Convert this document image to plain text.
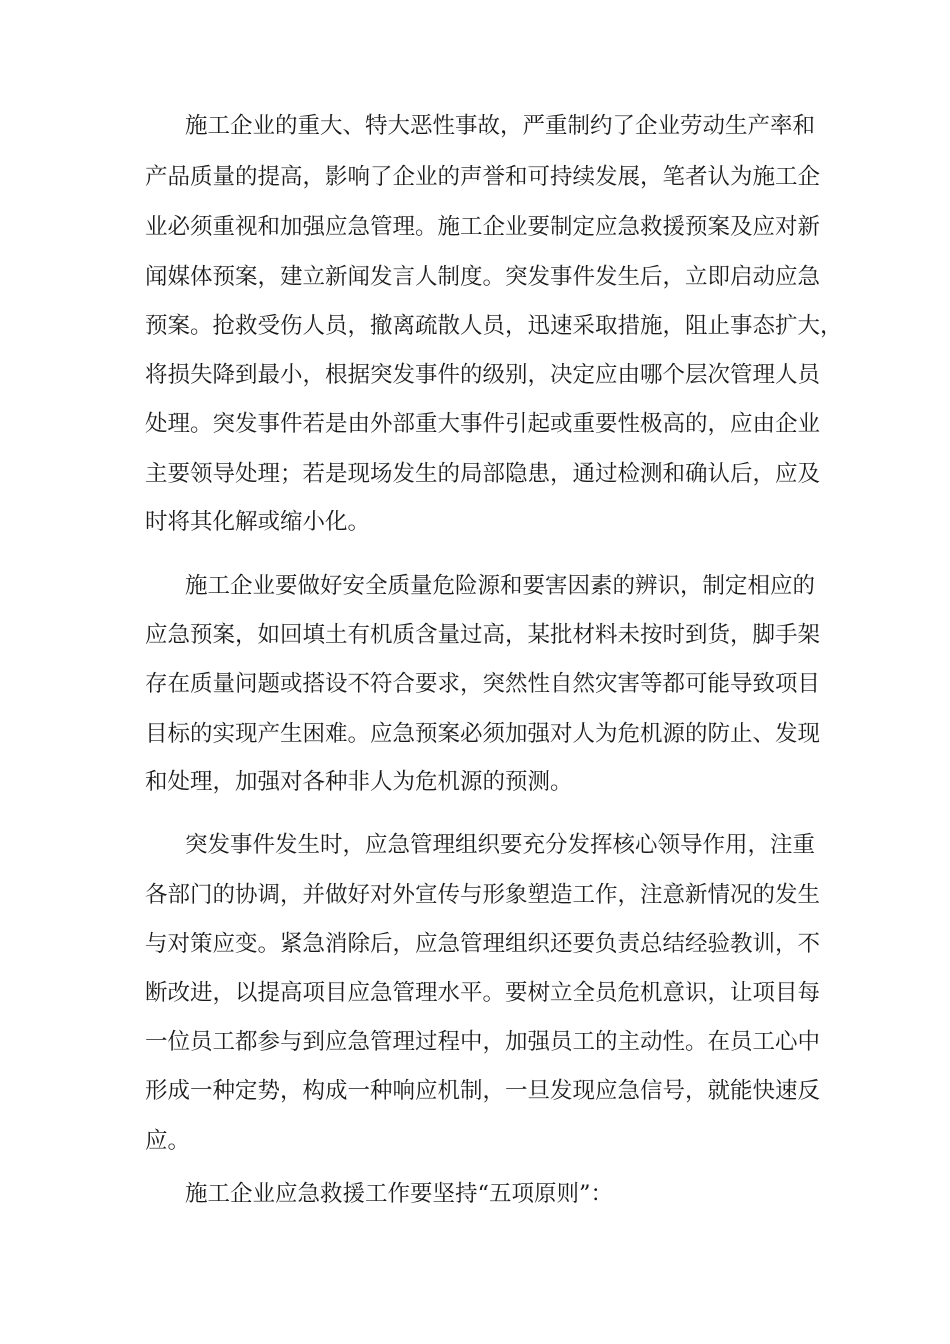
施工企业的重大、特大恶性事故，严重制约了企业劳动生产率和
产品质量的提高，影响了企业的声誉和可持续发展，笔者认为施工企
业必须重视和加强应急管理。施工企业要制定应急救援预案及应对新
闻媒体预案，建立新闻发言人制度。突发事件发生后，立即启动应急
预案。抢救受伤人员，撤离疏散人员，迅速采取措施，阻止事态扩大，
将损失降到最小，根据突发事件的级别，决定应由哪个层次管理人员
处理。突发事件若是由外部重大事件引起或重要性极高的，应由企业
主要领导处理；若是现场发生的局部隐患，通过检测和确认后，应及
时将其化解或缩小化。
施工企业要做好安全质量危险源和要害因素的辨识，制定相应的
应急预案，如回填土有机质含量过高，某批材料未按时到货，脚手架
存在质量问题或搭设不符合要求，突然性自然灾害等都可能导致项目
目标的实现产生困难。应急预案必须加强对人为危机源的防止、发现
和处理，加强对各种非人为危机源的预测。
突发事件发生时，应急管理组织要充分发挥核心领导作用，注重
各部门的协调，并做好对外宣传与形象塑造工作，注意新情况的发生
与对策应变。紧急消除后，应急管理组织还要负责总结经验教训，不
断改进，以提高项目应急管理水平。要树立全员危机意识，让项目每
一位员工都参与到应急管理过程中，加强员工的主动性。在员工心中
形成一种定势，构成一种响应机制，一旦发现应急信号，就能快速反
应。
施工企业应急救援工作要坚持“五项原则”：
